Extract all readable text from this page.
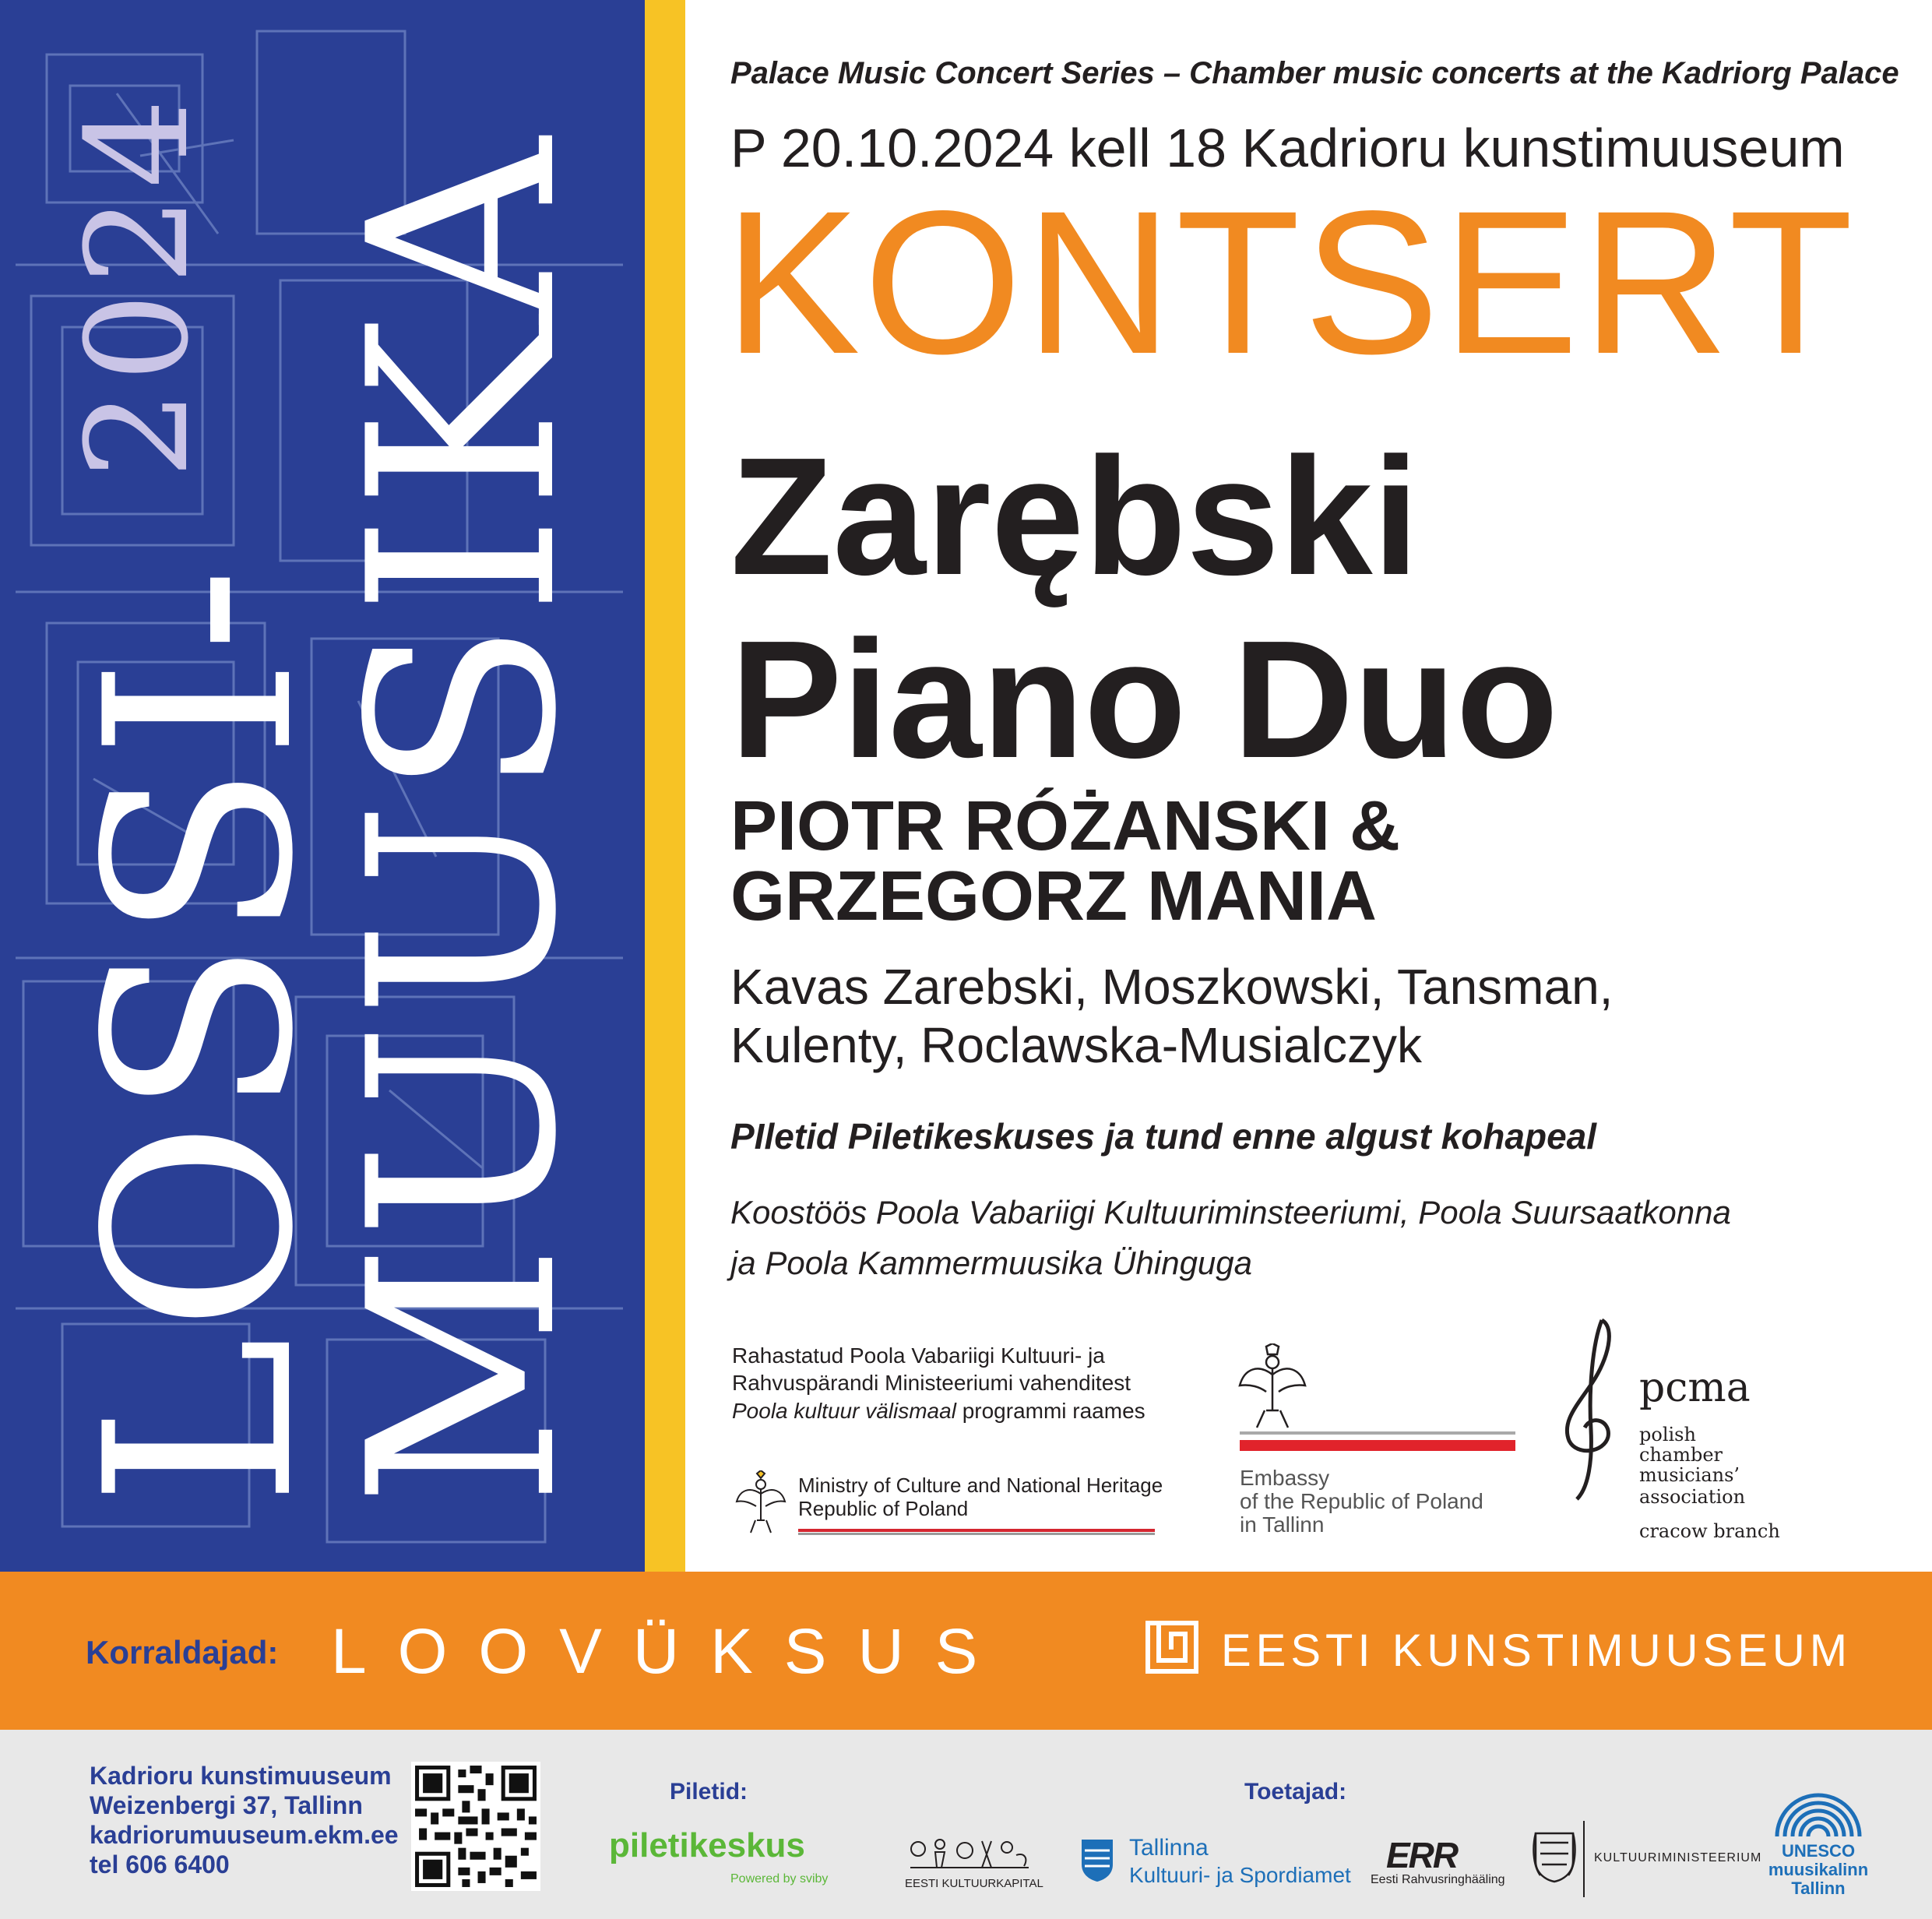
LOSSI-
MUUSIKA
2024
Palace Music Concert Series – Chamber music concerts at the Kadriorg Palace
P 20.10.2024 kell 18 Kadrioru kunstimuuseum
KONTSERT
Zarębski
Piano Duo
PIOTR RÓŻANSKI &
GRZEGORZ MANIA
Kavas Zarebski, Moszkowski, Tansman,
Kulenty, Roclawska-Musialczyk
PIletid Piletikeskuses ja tund enne algust kohapeal
Koostöös Poola Vabariigi Kultuuriminsteeriumi, Poola Suursaatkonna
ja Poola Kammermuusika Ühinguga
Rahastatud Poola Vabariigi Kultuuri- ja
Rahvuspärandi Ministeeriumi vahenditest
Poola kultuur välismaal programmi raames
Ministry of Culture and National Heritage
Republic of Poland
Embassy
of the Republic of Poland
in Tallinn
pcma
polish
chamber
musicians’
association
cracow branch
Korraldajad: LOOVÜKSUS	EESTI KUNSTIMUUSEUM
Kadrioru kunstimuuseum
Weizenbergi 37, Tallinn
kadriorumuuseum.ekm.ee
tel 606 6400
Piletid:	Toetajad:
piletikeskus
Powered by sviby	EESTI KULTUURKAPITAL
Tallinna
Kultuuri- ja Spordiamet ERR
Eesti Rahvusringhääling
KULTUURIMINISTEERIUM	UNESCO
muusikalinn
Tallinn
